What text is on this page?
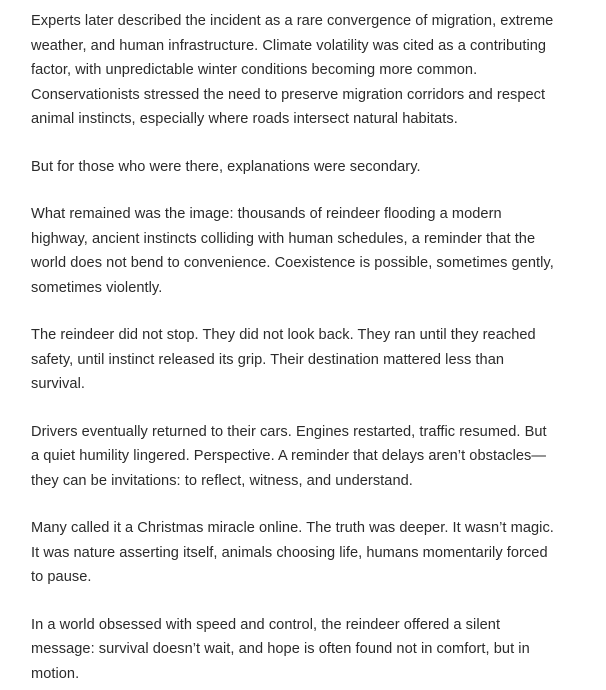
Experts later described the incident as a rare convergence of migration, extreme
weather, and human infrastructure. Climate volatility was cited as a contributing
factor, with unpredictable winter conditions becoming more common.
Conservationists stressed the need to preserve migration corridors and respect
animal instincts, especially where roads intersect natural habitats.

But for those who were there, explanations were secondary.

What remained was the image: thousands of reindeer flooding a modern
highway, ancient instincts colliding with human schedules, a reminder that the
world does not bend to convenience. Coexistence is possible, sometimes gently,
sometimes violently.

The reindeer did not stop. They did not look back. They ran until they reached
safety, until instinct released its grip. Their destination mattered less than
survival.

Drivers eventually returned to their cars. Engines restarted, traffic resumed. But
a quiet humility lingered. Perspective. A reminder that delays aren’t obstacles—
they can be invitations: to reflect, witness, and understand.

Many called it a Christmas miracle online. The truth was deeper. It wasn’t magic.
It was nature asserting itself, animals choosing life, humans momentarily forced
to pause.

In a world obsessed with speed and control, the reindeer offered a silent
message: survival doesn’t wait, and hope is often found not in comfort, but in
motion.
